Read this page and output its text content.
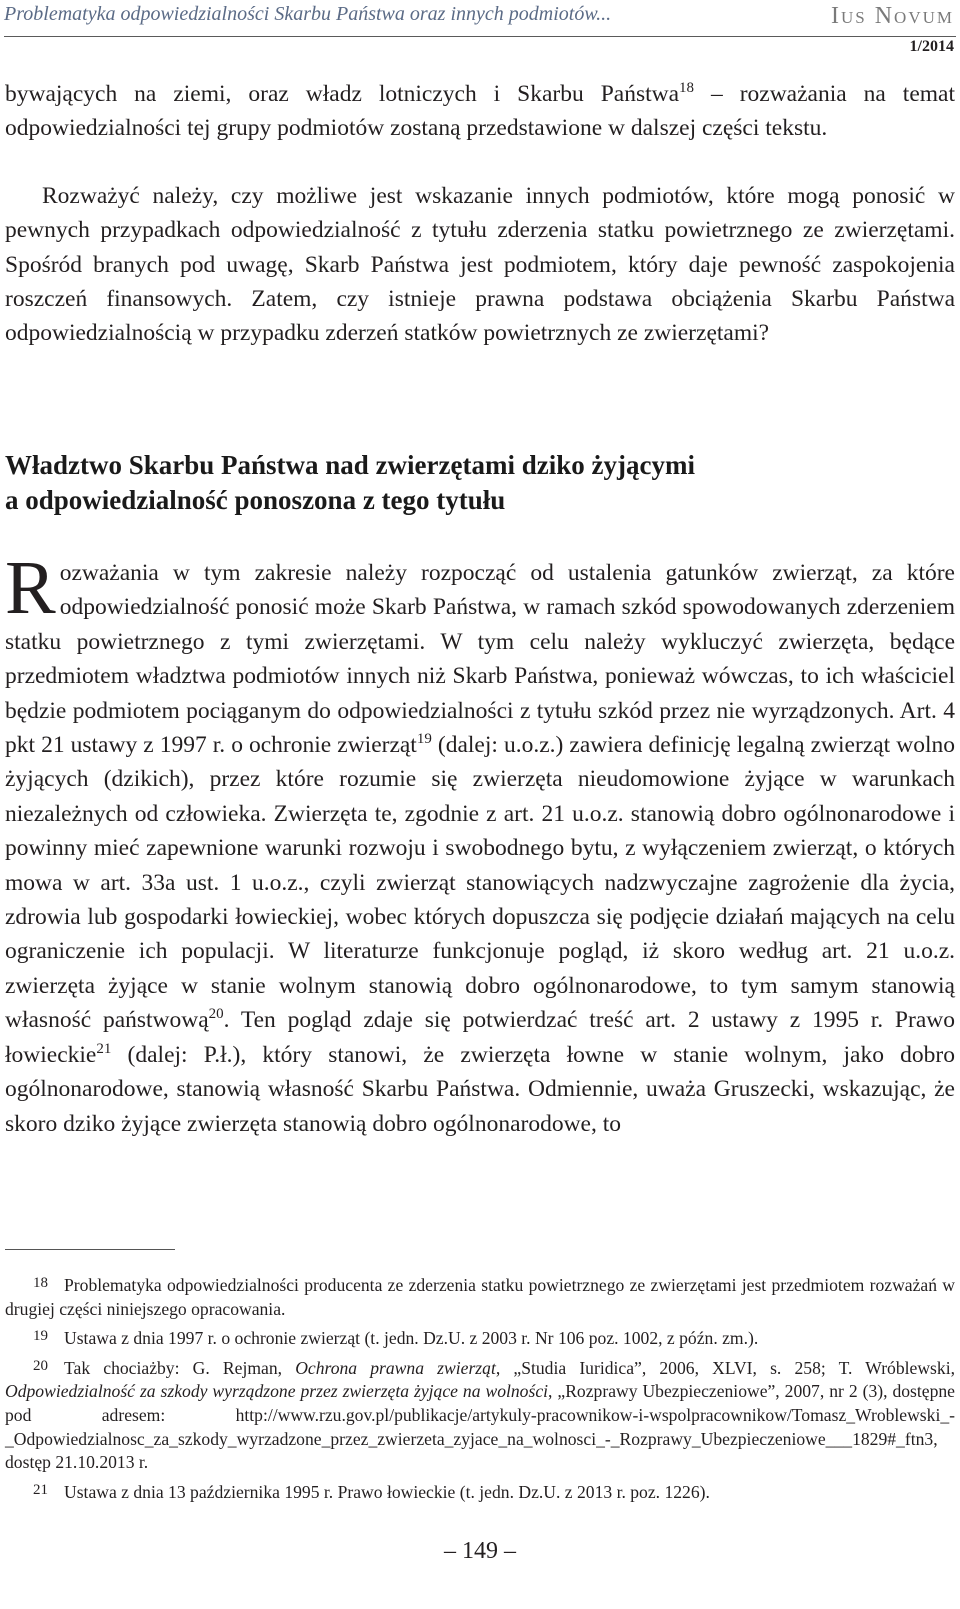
Problematyka odpowiedzialności Skarbu Państwa oraz innych podmiotów...	Ius Novum
1/2014

bywających na ziemi, oraz władz lotniczych i Skarbu Państwa$^{18}$ – rozważania na temat odpowiedzialności tej grupy podmiotów zostaną przedstawione w dalszej części tekstu.

Rozważyć należy, czy możliwe jest wskazanie innych podmiotów, które mogą ponosić w pewnych przypadkach odpowiedzialność z tytułu zderzenia statku powietrznego ze zwierzętami. Spośród branych pod uwagę, Skarb Państwa jest podmiotem, który daje pewność zaspokojenia roszczeń finansowych. Zatem, czy istnieje prawna podstawa obciążenia Skarbu Państwa odpowiedzialnością w przypadku zderzeń statków powietrznych ze zwierzętami?

Władztwo Skarbu Państwa nad zwierzętami dziko żyjącymi
a odpowiedzialność ponoszona z tego tytułu

Rozważania w tym zakresie należy rozpocząć od ustalenia gatunków zwierząt, za które odpowiedzialność ponosić może Skarb Państwa, w ramach szkód spowodowanych zderzeniem statku powietrznego z tymi zwierzętami. W tym celu należy wykluczyć zwierzęta, będące przedmiotem władztwa podmiotów innych niż Skarb Państwa, ponieważ wówczas, to ich właściciel będzie podmiotem pociąganym do odpowiedzialności z tytułu szkód przez nie wyrządzonych. Art. 4 pkt 21 ustawy z 1997 r. o ochronie zwierząt$^{19}$ (dalej: u.o.z.) zawiera definicję legalną zwierząt wolno żyjących (dzikich), przez które rozumie się zwierzęta nieudomowione żyjące w warunkach niezależnych od człowieka. Zwierzęta te, zgodnie z art. 21 u.o.z. stanowią dobro ogólnonarodowe i powinny mieć zapewnione warunki rozwoju i swobodnego bytu, z wyłączeniem zwierząt, o których mowa w art. 33a ust. 1 u.o.z., czyli zwierząt stanowiących nadzwyczajne zagrożenie dla życia, zdrowia lub gospodarki łowieckiej, wobec których dopuszcza się podjęcie działań mających na celu ograniczenie ich populacji. W literaturze funkcjonuje pogląd, iż skoro według art. 21 u.o.z. zwierzęta żyjące w stanie wolnym stanowią dobro ogólnonarodowe, to tym samym stanowią własność państwową$^{20}$. Ten pogląd zdaje się potwierdzać treść art. 2 ustawy z 1995 r. Prawo łowieckie$^{21}$ (dalej: P.ł.), który stanowi, że zwierzęta łowne w stanie wolnym, jako dobro ogólnonarodowe, stanowią własność Skarbu Państwa. Odmiennie, uważa Gruszecki, wskazując, że skoro dziko żyjące zwierzęta stanowią dobro ogólnonarodowe, to

18 Problematyka odpowiedzialności producenta ze zderzenia statku powietrznego ze zwierzętami jest przedmiotem rozważań w drugiej części niniejszego opracowania.
19 Ustawa z dnia 1997 r. o ochronie zwierząt (t. jedn. Dz.U. z 2003 r. Nr 106 poz. 1002, z późn. zm.).
20 Tak chociażby: G. Rejman, Ochrona prawna zwierząt, „Studia Iuridica”, 2006, XLVI, s. 258; T. Wróblewski, Odpowiedzialność za szkody wyrządzone przez zwierzęta żyjące na wolności, „Rozprawy Ubezpieczeniowe”, 2007, nr 2 (3), dostępne pod adresem: http://www.rzu.gov.pl/publikacje/artykuly-pracownikow-i-wspolpracownikow/Tomasz_Wroblewski_-_Odpowiedzialnosc_za_szkody_wyrzadzone_przez_zwierzeta_zyjace_na_wolnosci_-_Rozprawy_Ubezpieczeniowe___1829#_ftn3, dostęp 21.10.2013 r.
21 Ustawa z dnia 13 października 1995 r. Prawo łowieckie (t. jedn. Dz.U. z 2013 r. poz. 1226).
– 149 –
